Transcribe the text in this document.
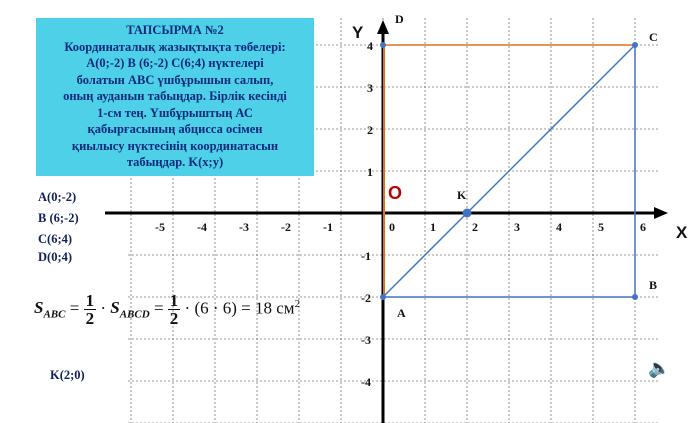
-5	-4	-3	-2	-1	1	2	3	4	5	6
-4
-3
-2
-1
1
2
3
4
0	X
Y
O
A
B
C
D
K
ТАПСЫРМА №2
Координаталық жазықтықта төбелері:
A(0;-2) B (6;-2) C(6;4) нүктелері
болатын АВС үшбұрышын салып,
оның ауданын табыңдар. Бірлік кесінді
1-см тең. Үшбұрыштың АС
қабырғасының абцисса осімен
қиылысу нүктесінің координатасын
табыңдар. K(x;y)
A(0;-2)
B (6;-2)
C(6;4)
D(0;4)
K(2;0)
$S_{ABC} = \frac{1}{2} \cdot S_{ABCD} = \frac{1}{2} \cdot (6 \cdot 6) = 18$ $см^2$
🔈
